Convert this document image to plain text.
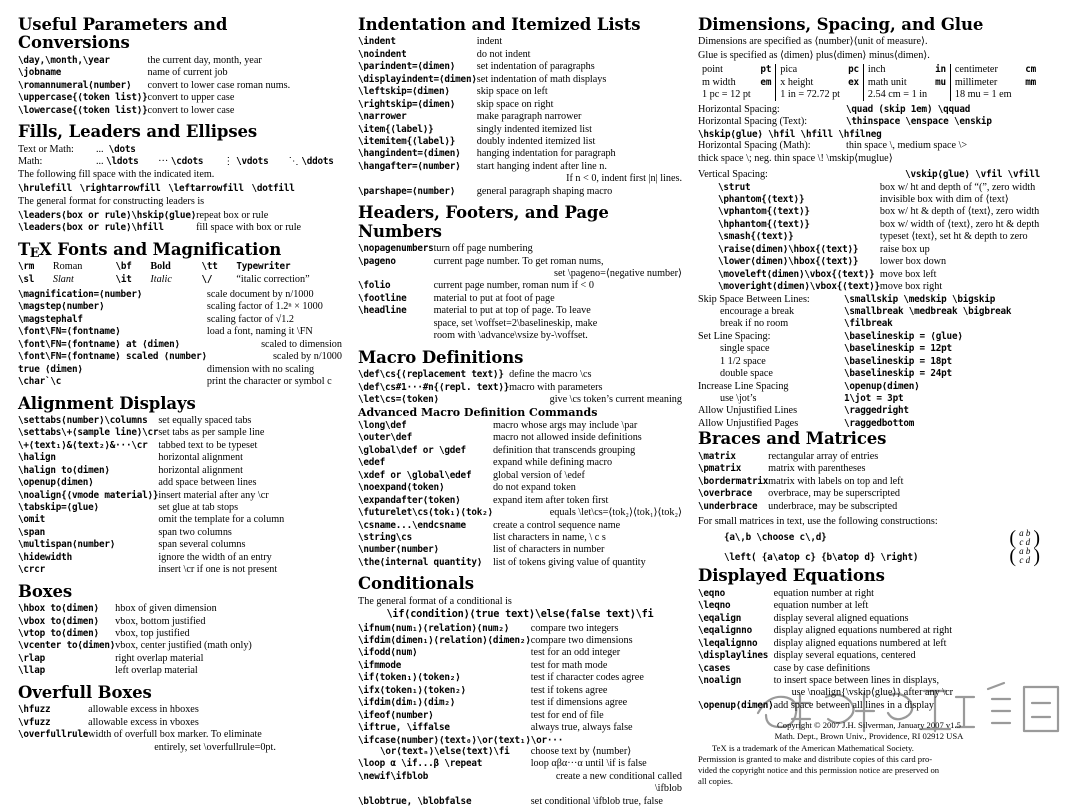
Useful Parameters and Conversions
\day,\month,\year	the current day, month, year
\jobname	name of current job
\romannumeral⟨number⟩	convert to lower case roman nums.
\uppercase{⟨token list⟩}	convert to upper case
\lowercase{⟨token list⟩}	convert to lower case
Fills, Leaders and Ellipses
Text or Math:	... \dots			
Math:	... \ldots	··· \cdots	⋮ \vdots	⋱ \ddots
The following fill space with the indicated item.
\hrulefill \rightarrowfill \leftarrowfill \dotfill
The general format for constructing leaders is
\leaders⟨box or rule⟩\hskip⟨glue⟩	repeat box or rule
\leaders⟨box or rule⟩\hfill	fill space with box or rule
TEX Fonts and Magnification
\rm	Roman	\bf	Bold	\tt	Typewriter
\sl	Slant	\it	Italic	\/	“italic correction”
\magnification=⟨number⟩	scale document by n/1000
\magstep⟨number⟩	scaling factor of 1.2ⁿ × 1000
\magstephalf	scaling factor of √1.2
\font\FN=⟨fontname⟩	load a font, naming it \FN
\font\FN=⟨fontname⟩ at ⟨dimen⟩	scaled to dimension
\font\FN=⟨fontname⟩ scaled ⟨number⟩	scaled by n/1000
true ⟨dimen⟩	dimension with no scaling
\char`\c	print the character or symbol c
Alignment Displays
\settabs⟨number⟩\columns	set equally spaced tabs
\settabs\+⟨sample line⟩\cr	set tabs as per sample line
\+⟨text₁⟩&⟨text₂⟩&···\cr	tabbed text to be typeset
\halign	horizontal alignment
\halign to⟨dimen⟩	horizontal alignment
\openup⟨dimen⟩	add space between lines
\noalign{⟨vmode material⟩}	insert material after any \cr
\tabskip=⟨glue⟩	set glue at tab stops
\omit	omit the template for a column
\span	span two columns
\multispan⟨number⟩	span several columns
\hidewidth	ignore the width of an entry
\crcr	insert \cr if one is not present
Boxes
\hbox to⟨dimen⟩	hbox of given dimension
\vbox to⟨dimen⟩	vbox, bottom justified
\vtop to⟨dimen⟩	vbox, top justified
\vcenter to⟨dimen⟩	vbox, center justified (math only)
\rlap	right overlap material
\llap	left overlap material
Overfull Boxes
\hfuzz	allowable excess in hboxes
\vfuzz	allowable excess in vboxes
\overfullrule	width of overfull box marker. To eliminate
	entirely, set \overfullrule=0pt.
Indentation and Itemized Lists
\indent	indent
\noindent	do not indent
\parindent=⟨dimen⟩	set indentation of paragraphs
\displayindent=⟨dimen⟩	set indentation of math displays
\leftskip=⟨dimen⟩	skip space on left
\rightskip=⟨dimen⟩	skip space on right
\narrower	make paragraph narrower
\item{⟨label⟩}	singly indented itemized list
\itemitem{⟨label⟩}	doubly indented itemized list
\hangindent=⟨dimen⟩	hanging indentation for paragraph
\hangafter=⟨number⟩	start hanging indent after line n.
	If n < 0, indent first |n| lines.
\parshape=⟨number⟩	general paragraph shaping macro
Headers, Footers, and Page Numbers
\nopagenumbers	turn off page numbering
\pageno	current page number. To get roman nums,
	set \pageno=⟨negative number⟩
\folio	current page number, roman num if < 0
\footline	material to put at foot of page
\headline	material to put at top of page. To leave
	space, set \voffset=2\baselineskip, make
	room with \advance\vsize by-\voffset.
Macro Definitions
\def\cs{⟨replacement text⟩}	define the macro \cs
\def\cs#1···#n{⟨repl. text⟩}	macro with parameters
\let\cs=⟨token⟩	give \cs token’s current meaning
Advanced Macro Definition Commands
\long\def	macro whose args may include \par
\outer\def	macro not allowed inside definitions
\global\def or \gdef	definition that transcends grouping
\edef	expand while defining macro
\xdef or \global\edef	global version of \edef
\noexpand⟨token⟩	do not expand token
\expandafter⟨token⟩	expand item after token first
\futurelet\cs⟨tok₁⟩⟨tok₂⟩	equals \let\cs=⟨tok₂⟩⟨tok₁⟩⟨tok₂⟩
\csname...\endcsname	create a control sequence name
\string\cs	list characters in name, \ c s
\number⟨number⟩	list of characters in number
\the⟨internal quantity⟩	list of tokens giving value of quantity
Conditionals
The general format of a conditional is
\if⟨condition⟩⟨true text⟩\else⟨false text⟩\fi
\ifnum⟨num₁⟩⟨relation⟩⟨num₂⟩	compare two integers
\ifdim⟨dimen₁⟩⟨relation⟩⟨dimen₂⟩	compare two dimensions
\ifodd⟨num⟩	test for an odd integer
\ifmmode	test for math mode
\if⟨token₁⟩⟨token₂⟩	test if character codes agree
\ifx⟨token₁⟩⟨token₂⟩	test if tokens agree
\ifdim⟨dim₁⟩⟨dim₂⟩	test if dimensions agree
\ifeof⟨number⟩	test for end of file
\iftrue, \iffalse	always true, always false
\ifcase⟨number⟩⟨text₀⟩\or⟨text₁⟩\or···	
\or⟨textₙ⟩\else⟨text⟩\fi	choose text by ⟨number⟩
\loop α \if...β \repeat	loop αβα···α until \if is false
\newif\ifblob	create a new conditional called \ifblob
\blobtrue, \blobfalse	set conditional \ifblob true, false
Dimensions, Spacing, and Glue
Dimensions are specified as ⟨number⟩⟨unit of measure⟩.
Glue is specified as ⟨dimen⟩ plus⟨dimen⟩ minus⟨dimen⟩.
point	pt	pica	pc	inch	in	centimeter	cm
m width	em	x height	ex	math unit	mu	millimeter	mm
1 pc = 12 pt		1 in = 72.72 pt		2.54 cm = 1 in		18 mu = 1 em	
Horizontal Spacing:	\quad (skip 1em) \qquad
Horizontal Spacing (Text):	\thinspace \enspace \enskip
\hskip⟨glue⟩ \hfil \hfill \hfilneg	
Horizontal Spacing (Math):	thin space \, medium space \>
thick space \; neg. thin space \! \mskip⟨muglue⟩	
Vertical Spacing:	\vskip⟨glue⟩ \vfil \vfill
\strut	box w/ ht and depth of “(”, zero width
\phantom{⟨text⟩}	invisible box with dim of ⟨text⟩
\vphantom{⟨text⟩}	box w/ ht & depth of ⟨text⟩, zero width
\hphantom{⟨text⟩}	box w/ width of ⟨text⟩, zero ht & depth
\smash{⟨text⟩}	typeset ⟨text⟩, set ht & depth to zero
\raise⟨dimen⟩\hbox{⟨text⟩}	raise box up
\lower⟨dimen⟩\hbox{⟨text⟩}	lower box down
\moveleft⟨dimen⟩\vbox{⟨text⟩}	move box left
\moveright⟨dimen⟩\vbox{⟨text⟩}	move box right
Skip Space Between Lines:	\smallskip \medskip \bigskip
encourage a break	\smallbreak \medbreak \bigbreak
break if no room	\filbreak
Set Line Spacing:	\baselineskip = ⟨glue⟩
single space	\baselineskip = 12pt
1 1/2 space	\baselineskip = 18pt
double space	\baselineskip = 24pt
Increase Line Spacing	\openup⟨dimen⟩
use \jot’s	1\jot = 3pt
Allow Unjustified Lines	\raggedright
Allow Unjustified Pages	\raggedbottom
Braces and Matrices
\matrix	rectangular array of entries
\pmatrix	matrix with parentheses
\bordermatrix	matrix with labels on top and left
\overbrace	overbrace, may be superscripted
\underbrace	underbrace, may be subscripted
For small matrices in text, use the following constructions:
{a\,b \choose c\,d}	( a b
c d )
\left( {a\atop c} {b\atop d} \right)	( a b
c d )
Displayed Equations
\eqno	equation number at right
\leqno	equation number at left
\eqalign	display several aligned equations
\eqalignno	display aligned equations numbered at right
\leqalignno	display aligned equations numbered at left
\displaylines	display several equations, centered
\cases	case by case definitions
\noalign	to insert space between lines in displays,
	use \noalign{\vskip⟨glue⟩} after any \cr
\openup⟨dimen⟩	add space between all lines in a display
Copyright © 2007 J.H. Silverman, January 2007 v1.5
Math. Dept., Brown Univ., Providence, RI 02912 USA
TeX is a trademark of the American Mathematical Society.
Permission is granted to make and distribute copies of this card pro-
vided the copyright notice and this permission notice are preserved on
all copies.
